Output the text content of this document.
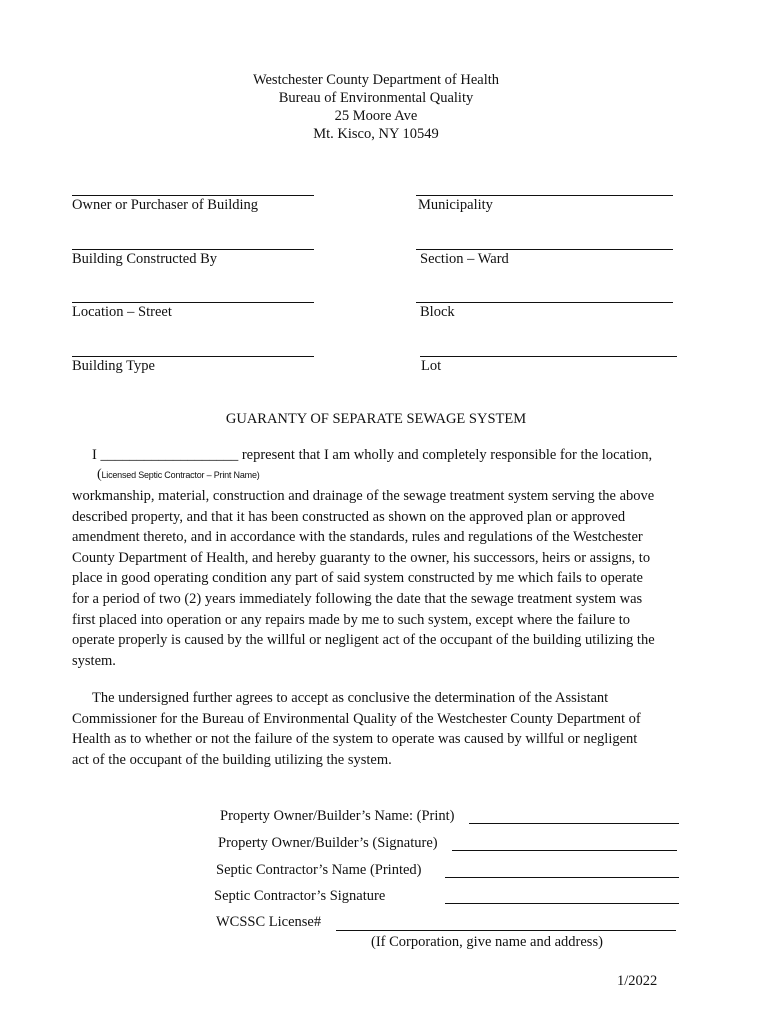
Westchester County Department of Health
Bureau of Environmental Quality
25 Moore Ave
Mt. Kisco, NY 10549
Owner or Purchaser of Building	Municipality
Building Constructed By	Section – Ward
Location – Street	Block
Building Type	Lot
GUARANTY OF SEPARATE SEWAGE SYSTEM
I ___________________ represent that I am wholly and completely responsible for the location,
(Licensed Septic Contractor – Print Name)
workmanship, material, construction and drainage of the sewage treatment system serving the above
described property, and that it has been constructed as shown on the approved plan or approved
amendment thereto, and in accordance with the standards, rules and regulations of the Westchester
County Department of Health, and hereby guaranty to the owner, his successors, heirs or assigns, to
place in good operating condition any part of said system constructed by me which fails to operate
for a period of two (2) years immediately following the date that the sewage treatment system was
first placed into operation or any repairs made by me to such system, except where the failure to
operate properly is caused by the willful or negligent act of the occupant of the building utilizing the
system.
The undersigned further agrees to accept as conclusive the determination of the Assistant
Commissioner for the Bureau of Environmental Quality of the Westchester County Department of
Health as to whether or not the failure of the system to operate was caused by willful or negligent
act of the occupant of the building utilizing the system.
Property Owner/Builder’s Name: (Print)
Property Owner/Builder’s (Signature)
Septic Contractor’s Name (Printed)
Septic Contractor’s Signature
WCSSC License#
(If Corporation, give name and address)
1/2022
